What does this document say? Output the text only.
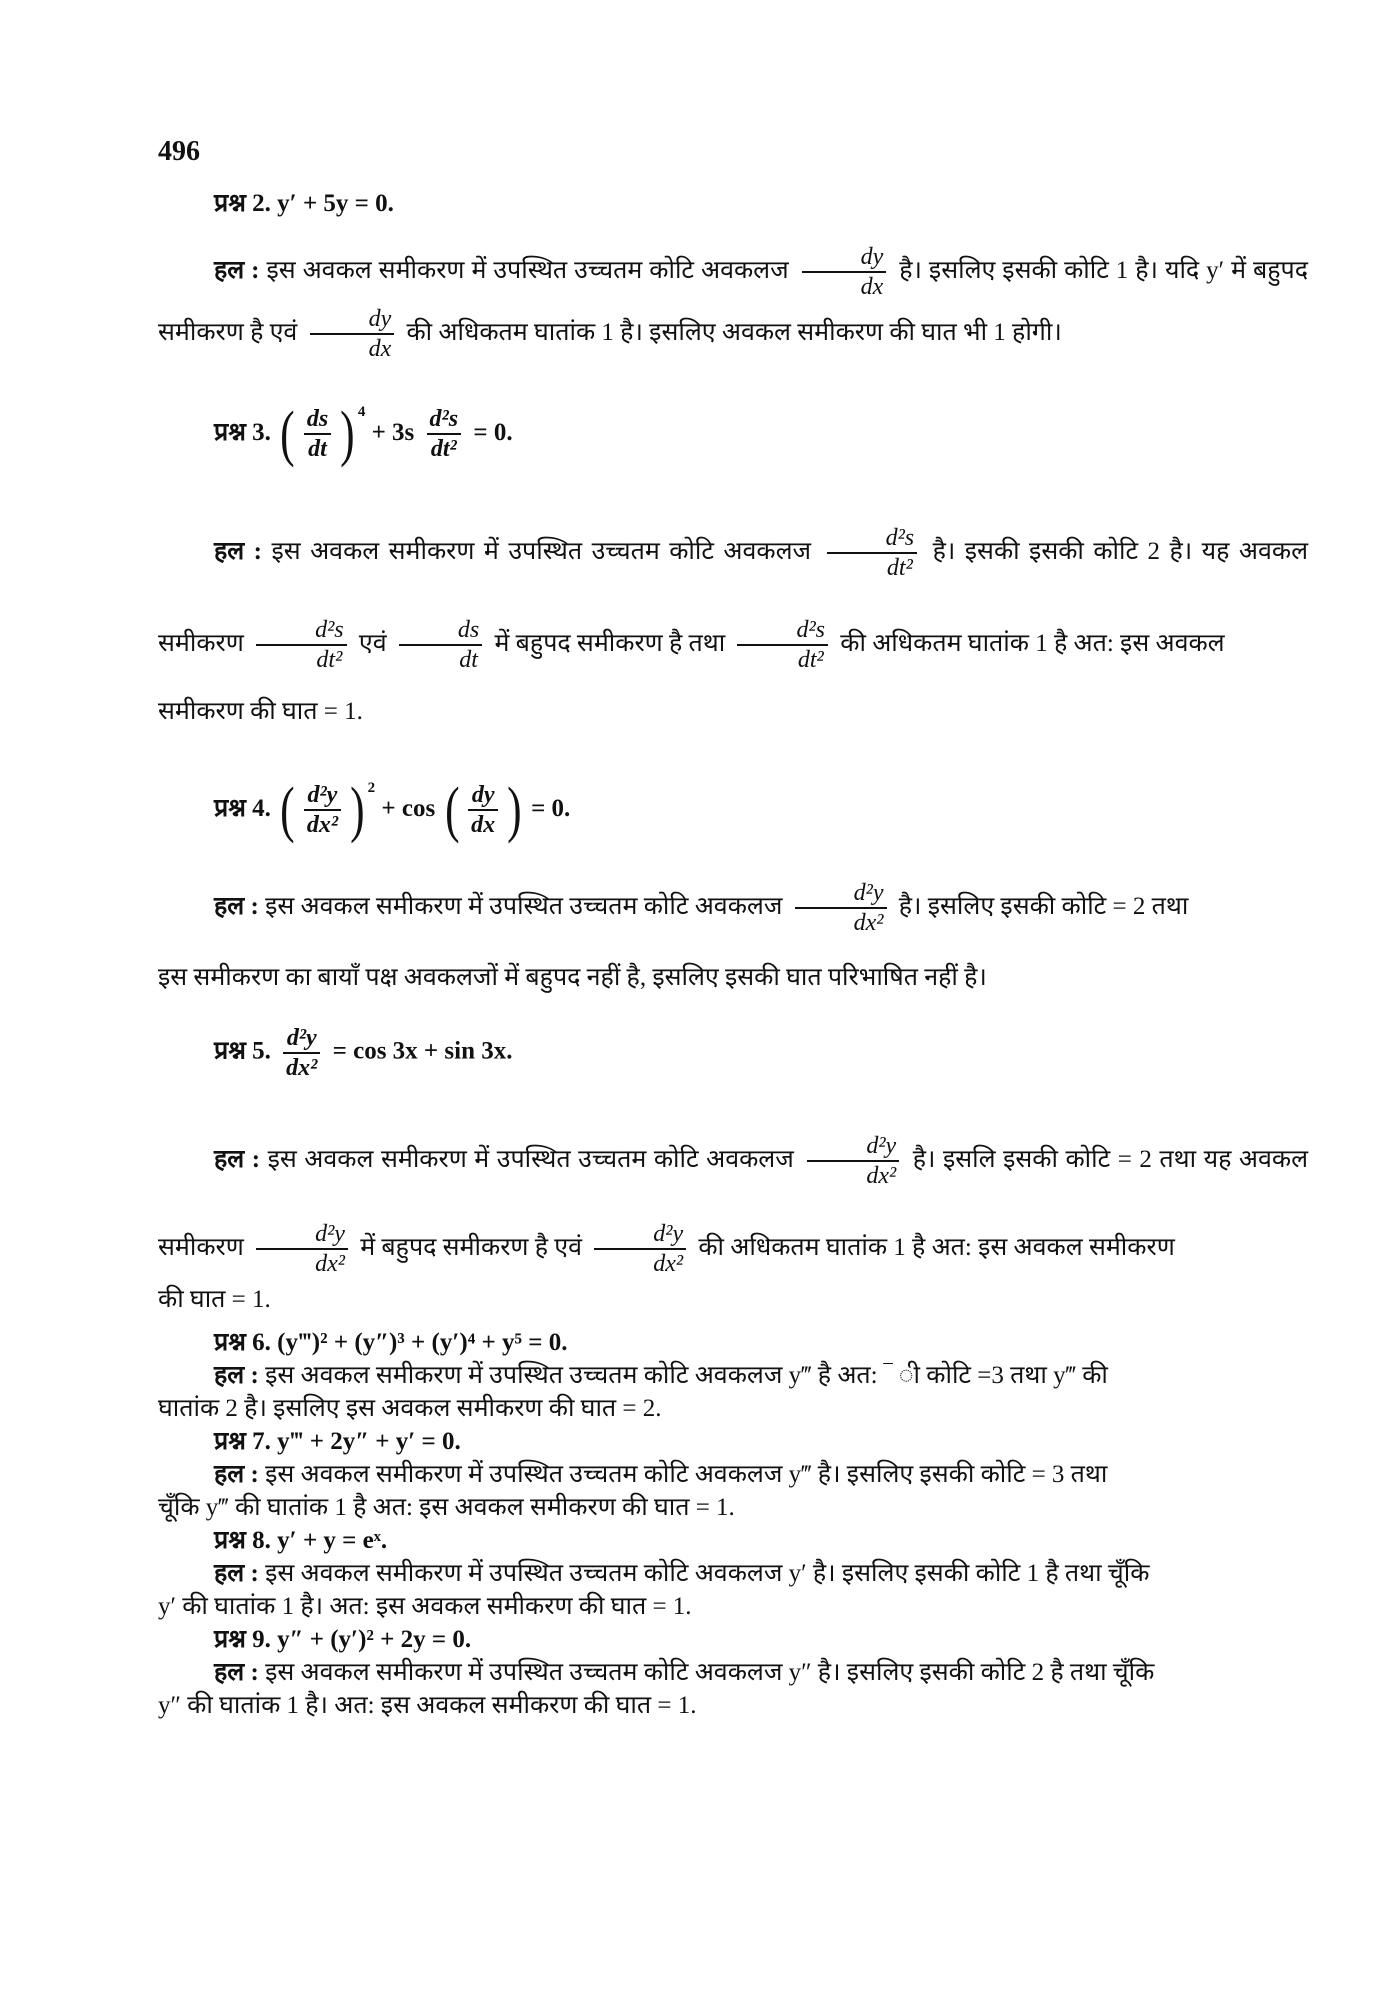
496
प्रश्न 2. y′ + 5y = 0.
हल : इस अवकल समीकरण में उपस्थित उच्चतम कोटि अवकलज $\frac{dy}{dx}$ है। इसलिए इसकी कोटि 1 है। यदि y′ में बहुपद समीकरण है एवं $\frac{dy}{dx}$ की अधिकतम घातांक 1 है। इसलिए अवकल समीकरण की घात भी 1 होगी।
प्रश्न 3. ( $\frac{ds}{dt}$ ) $^4 + 3s \frac{\text{d²s}}{\text{dt²}} = 0$.
हल : इस अवकल समीकरण में उपस्थित उच्चतम कोटि अवकलज $\frac{\text{d²s}}{\text{dt²}}$ है। इसकी इसकी कोटि 2 है। यह अवकल समीकरण $\frac{\text{d²s}}{\text{dt²}}$ एवं $\frac{ds}{dt}$ में बहुपद समीकरण है तथा $\frac{\text{d²s}}{\text{dt²}}$ की अधिकतम घातांक 1 है अत: इस अवकल
समीकरण की घात = 1.
प्रश्न 4. ( $\frac{\text{d²y}}{\text{dx²}}$ ) $^2$ + cos ( $\frac{dy}{dx}$ ) = 0.
हल : इस अवकल समीकरण में उपस्थित उच्चतम कोटि अवकलज $\frac{\text{d²y}}{\text{dx²}}$ है। इसलिए इसकी कोटि = 2 तथा
इस समीकरण का बायाँ पक्ष अवकलजों में बहुपद नहीं है, इसलिए इसकी घात परिभाषित नहीं है।
प्रश्न 5. $\frac{\text{d²y}}{\text{dx²}} = \cos 3x + \sin 3x$.
हल : इस अवकल समीकरण में उपस्थित उच्चतम कोटि अवकलज $\frac{\text{d²y}}{\text{dx²}}$ है। इसलि इसकी कोटि = 2 तथा यह अवकल समीकरण $\frac{\text{d²y}}{\text{dx²}}$ में बहुपद समीकरण है एवं $\frac{\text{d²y}}{\text{dx²}}$ की अधिकतम घातांक 1 है अत: इस अवकल समीकरण
की घात = 1.
प्रश्न 6. (y‴)² + (y″)³ + (y′)⁴ + y⁵ = 0.
हल : इस अवकल समीकरण में उपस्थित उच्चतम कोटि अवकलज y‴ है अत: ‾ ी कोटि =3 तथा y‴ की
घातांक 2 है। इसलिए इस अवकल समीकरण की घात = 2.
प्रश्न 7. y‴ + 2y″ + y′ = 0.
हल : इस अवकल समीकरण में उपस्थित उच्चतम कोटि अवकलज y‴ है। इसलिए इसकी कोटि = 3 तथा
चूँकि y‴ की घातांक 1 है अत: इस अवकल समीकरण की घात = 1.
प्रश्न 8. y′ + y = eˣ.
हल : इस अवकल समीकरण में उपस्थित उच्चतम कोटि अवकलज y′ है। इसलिए इसकी कोटि 1 है तथा चूँकि
y′ की घातांक 1 है। अत: इस अवकल समीकरण की घात = 1.
प्रश्न 9. y″ + (y′)² + 2y = 0.
हल : इस अवकल समीकरण में उपस्थित उच्चतम कोटि अवकलज y″ है। इसलिए इसकी कोटि 2 है तथा चूँकि
y″ की घातांक 1 है। अत: इस अवकल समीकरण की घात = 1.
